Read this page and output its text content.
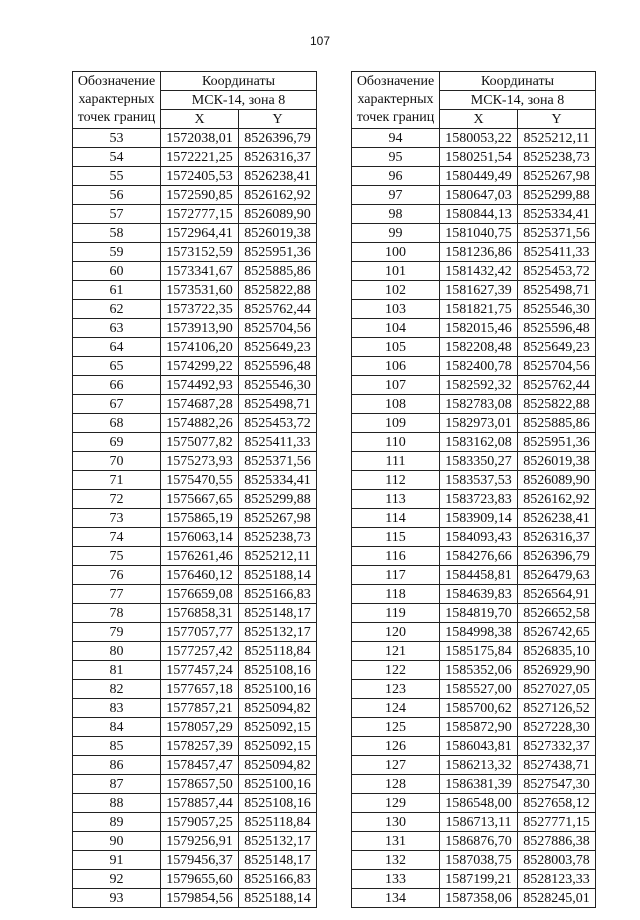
107
Обозначение
характерных
точек границ	Координаты	
	МСК-14, зона 8	
	X	Y
53	1572038,01	8526396,79
54	1572221,25	8526316,37
55	1572405,53	8526238,41
56	1572590,85	8526162,92
57	1572777,15	8526089,90
58	1572964,41	8526019,38
59	1573152,59	8525951,36
60	1573341,67	8525885,86
61	1573531,60	8525822,88
62	1573722,35	8525762,44
63	1573913,90	8525704,56
64	1574106,20	8525649,23
65	1574299,22	8525596,48
66	1574492,93	8525546,30
67	1574687,28	8525498,71
68	1574882,26	8525453,72
69	1575077,82	8525411,33
70	1575273,93	8525371,56
71	1575470,55	8525334,41
72	1575667,65	8525299,88
73	1575865,19	8525267,98
74	1576063,14	8525238,73
75	1576261,46	8525212,11
76	1576460,12	8525188,14
77	1576659,08	8525166,83
78	1576858,31	8525148,17
79	1577057,77	8525132,17
80	1577257,42	8525118,84
81	1577457,24	8525108,16
82	1577657,18	8525100,16
83	1577857,21	8525094,82
84	1578057,29	8525092,15
85	1578257,39	8525092,15
86	1578457,47	8525094,82
87	1578657,50	8525100,16
88	1578857,44	8525108,16
89	1579057,25	8525118,84
90	1579256,91	8525132,17
91	1579456,37	8525148,17
92	1579655,60	8525166,83
93	1579854,56	8525188,14
Обозначение
характерных
точек границ	Координаты	
	МСК-14, зона 8	
	X	Y
94	1580053,22	8525212,11
95	1580251,54	8525238,73
96	1580449,49	8525267,98
97	1580647,03	8525299,88
98	1580844,13	8525334,41
99	1581040,75	8525371,56
100	1581236,86	8525411,33
101	1581432,42	8525453,72
102	1581627,39	8525498,71
103	1581821,75	8525546,30
104	1582015,46	8525596,48
105	1582208,48	8525649,23
106	1582400,78	8525704,56
107	1582592,32	8525762,44
108	1582783,08	8525822,88
109	1582973,01	8525885,86
110	1583162,08	8525951,36
111	1583350,27	8526019,38
112	1583537,53	8526089,90
113	1583723,83	8526162,92
114	1583909,14	8526238,41
115	1584093,43	8526316,37
116	1584276,66	8526396,79
117	1584458,81	8526479,63
118	1584639,83	8526564,91
119	1584819,70	8526652,58
120	1584998,38	8526742,65
121	1585175,84	8526835,10
122	1585352,06	8526929,90
123	1585527,00	8527027,05
124	1585700,62	8527126,52
125	1585872,90	8527228,30
126	1586043,81	8527332,37
127	1586213,32	8527438,71
128	1586381,39	8527547,30
129	1586548,00	8527658,12
130	1586713,11	8527771,15
131	1586876,70	8527886,38
132	1587038,75	8528003,78
133	1587199,21	8528123,33
134	1587358,06	8528245,01
